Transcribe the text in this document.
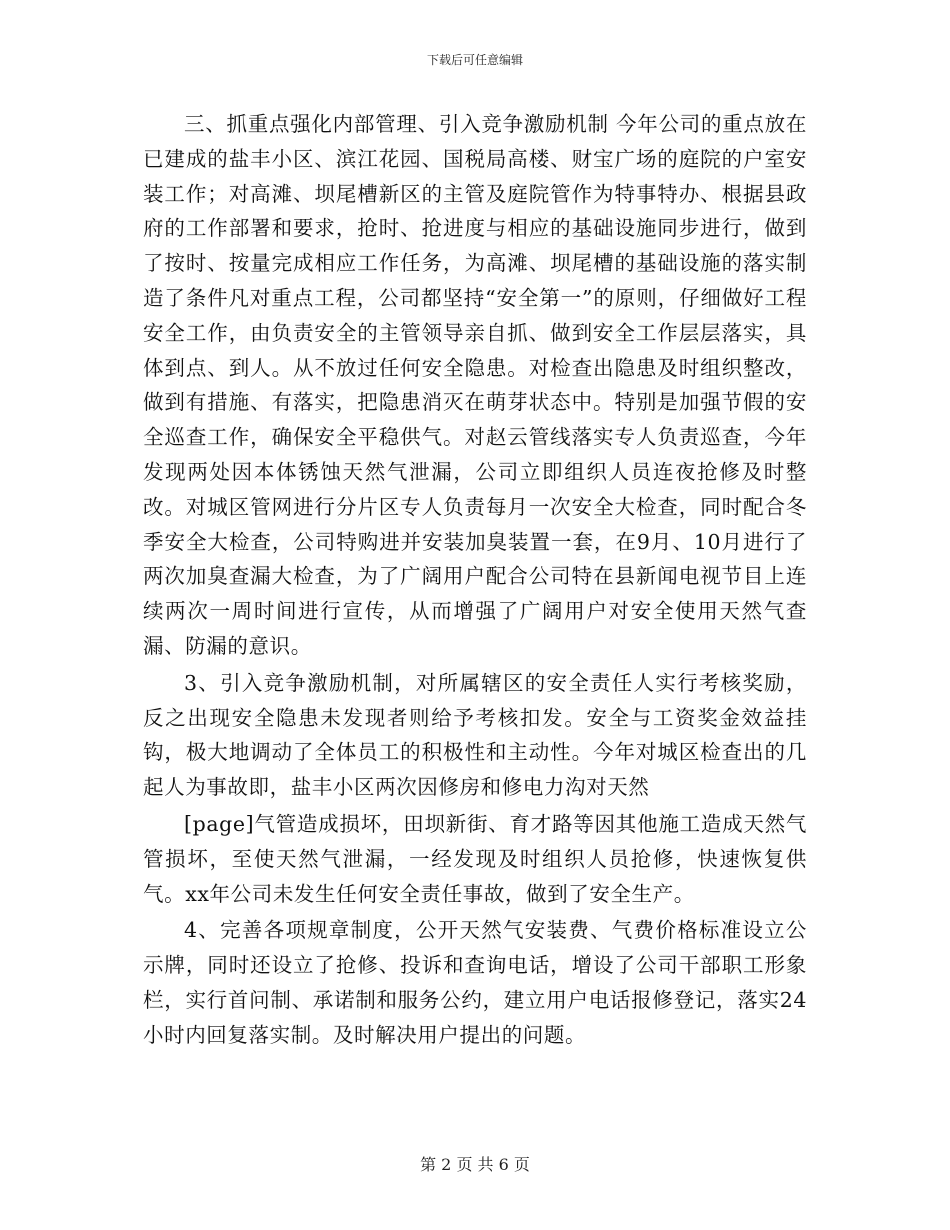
下载后可任意编辑

三、抓重点强化内部管理、引入竞争激励机制 今年公司的重点放在已建成的盐丰小区、滨江花园、国税局高楼、财宝广场的庭院的户室安装工作；对高滩、坝尾槽新区的主管及庭院管作为特事特办、根据县政府的工作部署和要求，抢时、抢进度与相应的基础设施同步进行，做到了按时、按量完成相应工作任务，为高滩、坝尾槽的基础设施的落实制造了条件凡对重点工程，公司都坚持“安全第一”的原则，仔细做好工程安全工作，由负责安全的主管领导亲自抓、做到安全工作层层落实，具体到点、到人。从不放过任何安全隐患。对检查出隐患及时组织整改，做到有措施、有落实，把隐患消灭在萌芽状态中。特别是加强节假的安全巡查工作，确保安全平稳供气。对赵云管线落实专人负责巡查，今年发现两处因本体锈蚀天然气泄漏，公司立即组织人员连夜抢修及时整改。对城区管网进行分片区专人负责每月一次安全大检查，同时配合冬季安全大检查，公司特购进并安装加臭装置一套，在9月、10月进行了两次加臭查漏大检查，为了广阔用户配合公司特在县新闻电视节目上连续两次一周时间进行宣传，从而增强了广阔用户对安全使用天然气查漏、防漏的意识。

3、引入竞争激励机制，对所属辖区的安全责任人实行考核奖励，反之出现安全隐患未发现者则给予考核扣发。安全与工资奖金效益挂钩，极大地调动了全体员工的积极性和主动性。今年对城区检查出的几起人为事故即，盐丰小区两次因修房和修电力沟对天然

[page]气管造成损坏，田坝新街、育才路等因其他施工造成天然气管损坏，至使天然气泄漏，一经发现及时组织人员抢修，快速恢复供气。xx年公司未发生任何安全责任事故，做到了安全生产。

4、完善各项规章制度，公开天然气安装费、气费价格标准设立公示牌，同时还设立了抢修、投诉和查询电话，增设了公司干部职工形象栏，实行首问制、承诺制和服务公约，建立用户电话报修登记，落实24小时内回复落实制。及时解决用户提出的问题。

第 2 页 共 6 页
